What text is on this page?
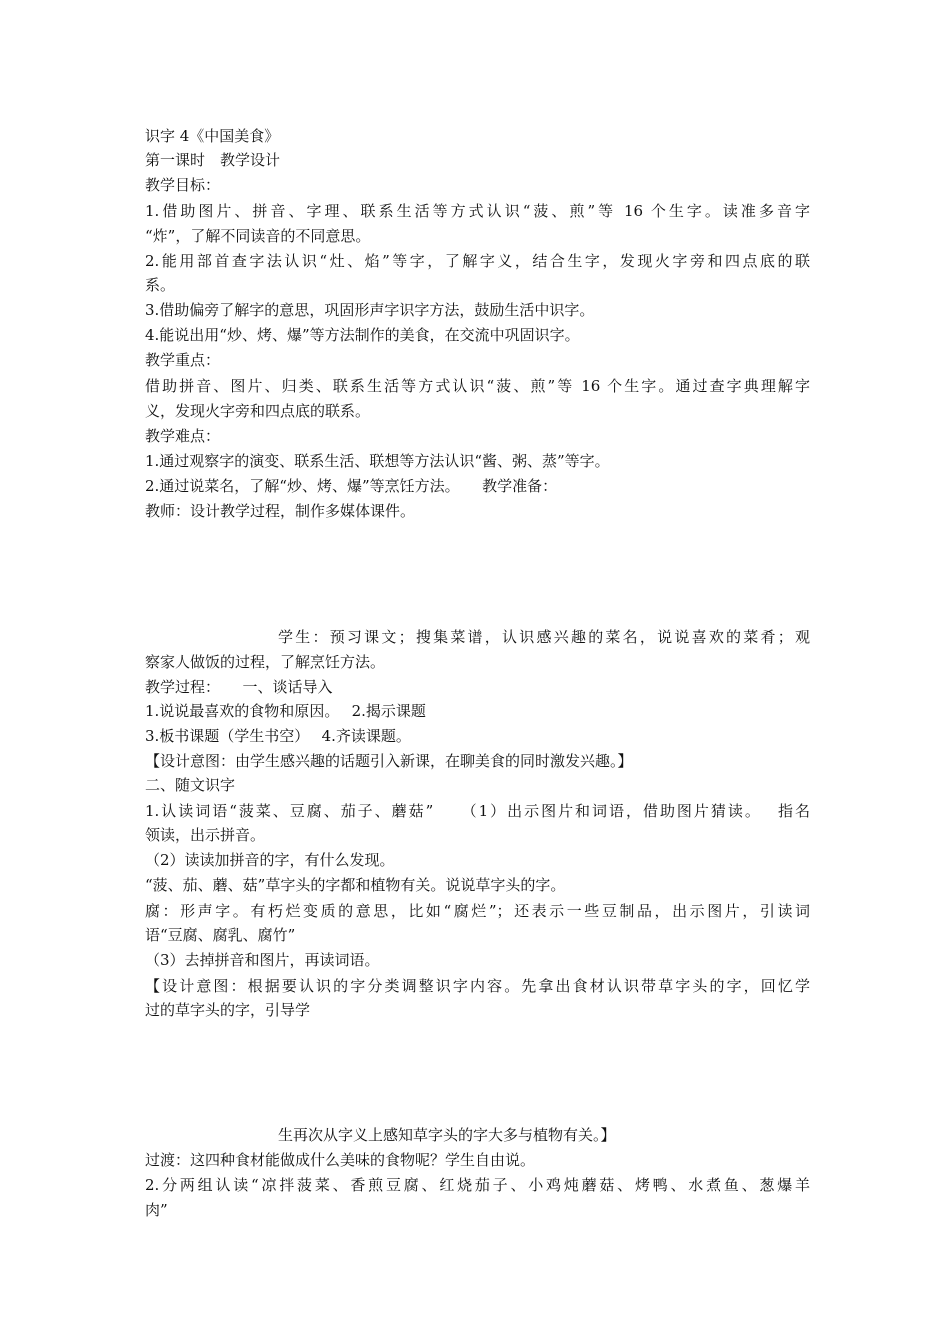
识字 4《中国美食》
第一课时　教学设计
教学目标：
1.借助图片、拼音、字理、联系生活等方式认识“菠、煎”等 16 个生字。读准多音字
“炸”，了解不同读音的不同意思。
2.能用部首查字法认识“灶、焰”等字，了解字义，结合生字，发现火字旁和四点底的联
系。
3.借助偏旁了解字的意思，巩固形声字识字方法，鼓励生活中识字。
4.能说出用“炒、烤、爆”等方法制作的美食，在交流中巩固识字。
教学重点：
借助拼音、图片、归类、联系生活等方式认识“菠、煎”等 16 个生字。通过查字典理解字
义，发现火字旁和四点底的联系。
教学难点：
1.通过观察字的演变、联系生活、联想等方法认识“酱、粥、蒸”等字。
2.通过说菜名，了解“炒、烤、爆”等烹饪方法。　　教学准备：
教师：设计教学过程，制作多媒体课件。
学生：预习课文；搜集菜谱，认识感兴趣的菜名，说说喜欢的菜肴；观
察家人做饭的过程，了解烹饪方法。
教学过程：　　一、谈话导入
1.说说最喜欢的食物和原因。　 2.揭示课题
3.板书课题（学生书空）　 4.齐读课题。
【设计意图：由学生感兴趣的话题引入新课，在聊美食的同时激发兴趣。】
二、随文识字
1.认读词语“菠菜、豆腐、茄子、蘑菇”　　（1）出示图片和词语，借助图片猜读。　 指名
领读，出示拼音。
（2）读读加拼音的字，有什么发现。
“菠、茄、蘑、菇”草字头的字都和植物有关。说说草字头的字。
腐：形声字。有朽烂变质的意思，比如“腐烂”；还表示一些豆制品，出示图片，引读词
语“豆腐、腐乳、腐竹”
（3）去掉拼音和图片，再读词语。
【设计意图：根据要认识的字分类调整识字内容。先拿出食材认识带草字头的字，回忆学
过的草字头的字，引导学
生再次从字义上感知草字头的字大多与植物有关。】
过渡：这四种食材能做成什么美味的食物呢？学生自由说。
2.分两组认读“凉拌菠菜、香煎豆腐、红烧茄子、小鸡炖蘑菇、烤鸭、水煮鱼、葱爆羊
肉”
